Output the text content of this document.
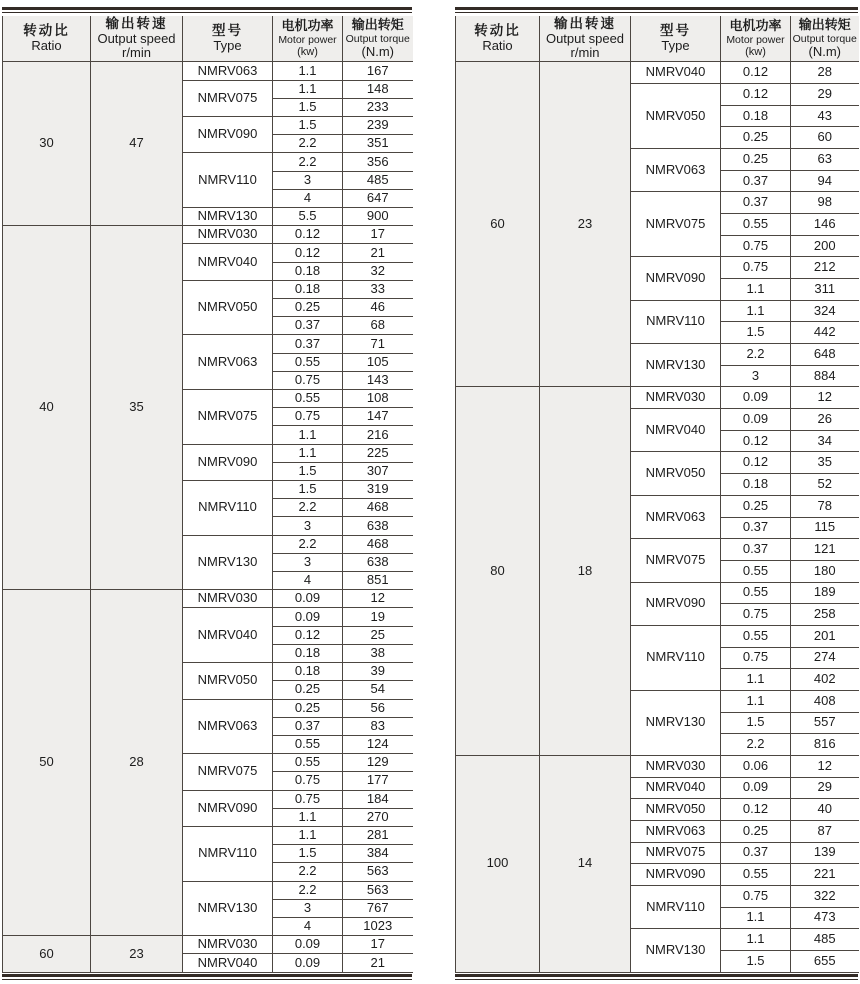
转动比
Ratio

输出转速
Output speed
r/min

型号
Type

电机功率
Motor power
(kw)

输出转矩
Output torque
(N.m)

30	47	NMRV063	1.1	167
		NMRV075	1.1	148
			1.5	233
		NMRV090	1.5	239
			2.2	351
		NMRV110	2.2	356
			3	485
			4	647
		NMRV130	5.5	900
40	35	NMRV030	0.12	17
		NMRV040	0.12	21
			0.18	32
		NMRV050	0.18	33
			0.25	46
			0.37	68
		NMRV063	0.37	71
			0.55	105
			0.75	143
		NMRV075	0.55	108
			0.75	147
			1.1	216
		NMRV090	1.1	225
			1.5	307
		NMRV110	1.5	319
			2.2	468
			3	638
		NMRV130	2.2	468
			3	638
			4	851
50	28	NMRV030	0.09	12
		NMRV040	0.09	19
			0.12	25
			0.18	38
		NMRV050	0.18	39
			0.25	54
		NMRV063	0.25	56
			0.37	83
			0.55	124
		NMRV075	0.55	129
			0.75	177
		NMRV090	0.75	184
			1.1	270
		NMRV110	1.1	281
			1.5	384
			2.2	563
		NMRV130	2.2	563
			3	767
			4	1023
60	23	NMRV030	0.09	17
		NMRV040	0.09	21
转动比
Ratio

输出转速
Output speed
r/min

型号
Type

电机功率
Motor power
(kw)

输出转矩
Output torque
(N.m)

60	23	NMRV040	0.12	28
		NMRV050	0.12	29
			0.18	43
			0.25	60
		NMRV063	0.25	63
			0.37	94
		NMRV075	0.37	98
			0.55	146
			0.75	200
		NMRV090	0.75	212
			1.1	311
		NMRV110	1.1	324
			1.5	442
		NMRV130	2.2	648
			3	884
80	18	NMRV030	0.09	12
		NMRV040	0.09	26
			0.12	34
		NMRV050	0.12	35
			0.18	52
		NMRV063	0.25	78
			0.37	115
		NMRV075	0.37	121
			0.55	180
		NMRV090	0.55	189
			0.75	258
		NMRV110	0.55	201
			0.75	274
			1.1	402
		NMRV130	1.1	408
			1.5	557
			2.2	816
100	14	NMRV030	0.06	12
		NMRV040	0.09	29
		NMRV050	0.12	40
		NMRV063	0.25	87
		NMRV075	0.37	139
		NMRV090	0.55	221
		NMRV110	0.75	322
			1.1	473
		NMRV130	1.1	485
			1.5	655
